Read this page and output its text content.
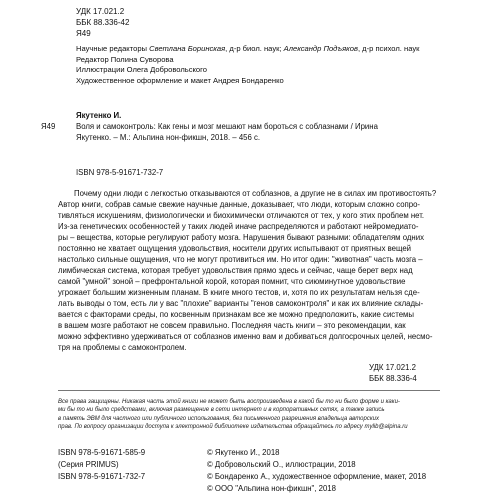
УДК 17.021.2
ББК 88.336-42
Я49
Научные редакторы Светлана Боринская, д-р биол. наук; Александр Подъяков, д-р психол. наук
Редактор Полина Суворова
Иллюстрации Олега Добровольского
Художественное оформление и макет Андрея Бондаренко
Я49
Якутенко И.
Воля и самоконтроль: Как гены и мозг мешают нам бороться с соблазнами / Ирина
Якутенко. – М.: Альпина нон-фикшн, 2018. – 456 с.
ISBN 978-5-91671-732-7
Почему одни люди с легкостью отказываются от соблазнов, а другие не в силах им противостоять?
Автор книги, собрав самые свежие научные данные, доказывает, что люди, которым сложно сопро-
тивляться искушениям, физиологически и биохимически отличаются от тех, у кого этих проблем нет.
Из-за генетических особенностей у таких людей иначе распределяются и работают нейромедиато-
ры – вещества, которые регулируют работу мозга. Нарушения бывают разными: обладателям одних
постоянно не хватает ощущения удовольствия, носители других испытывают от приятных вещей
настолько сильные ощущения, что не могут противиться им. Но итог один: "животная" часть мозга –
лимбическая система, которая требует удовольствия прямо здесь и сейчас, чаще берет верх над
самой "умной" зоной – префронтальной корой, которая помнит, что сиюминутное удовольствие
угрожает большим жизненным планам. В книге много тестов, и, хотя по их результатам нельзя сде-
лать выводы о том, есть ли у вас "плохие" варианты "генов самоконтроля" и как их влияние склады-
вается с факторами среды, по косвенным признакам все же можно предположить, какие системы
в вашем мозге работают не совсем правильно. Последняя часть книги – это рекомендации, как
можно эффективно удерживаться от соблазнов именно вам и добиваться долгосрочных целей, несмо-
тря на проблемы с самоконтролем.
УДК 17.021.2
ББК 88.336-4
Все права защищены. Никакая часть этой книги не может быть воспроизведена в какой бы то ни было форме и каки-
ми бы то ни было средствами, включая размещение в сети интернет и в корпоративных сетях, а также запись
в память ЭВМ для частного или публичного использования, без письменного разрешения владельца авторских
прав. По вопросу организации доступа к электронной библиотеке издательства обращайтесь по адресу mylib@alpina.ru
ISBN 978-5-91671-585-9
(Серия PRIMUS)
ISBN 978-5-91671-732-7
© Якутенко И., 2018
© Добровольский О., иллюстрации, 2018
© Бондаренко А., художественное оформление, макет, 2018
© ООО "Альпина нон-фикшн", 2018
